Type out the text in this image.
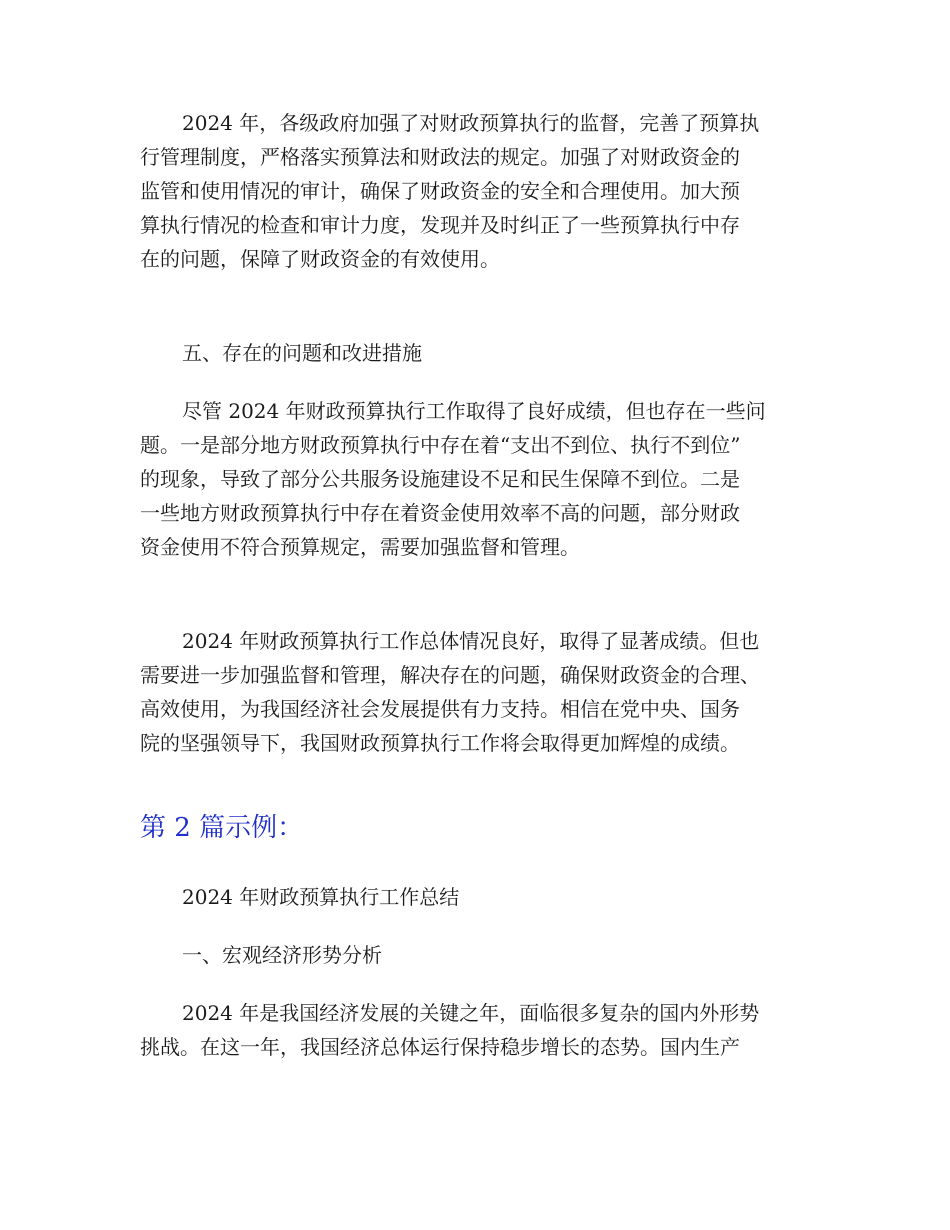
2024 年，各级政府加强了对财政预算执行的监督，完善了预算执
行管理制度，严格落实预算法和财政法的规定。加强了对财政资金的
监管和使用情况的审计，确保了财政资金的安全和合理使用。加大预
算执行情况的检查和审计力度，发现并及时纠正了一些预算执行中存
在的问题，保障了财政资金的有效使用。
五、存在的问题和改进措施
尽管 2024 年财政预算执行工作取得了良好成绩，但也存在一些问
题。一是部分地方财政预算执行中存在着“支出不到位、执行不到位”
的现象，导致了部分公共服务设施建设不足和民生保障不到位。二是
一些地方财政预算执行中存在着资金使用效率不高的问题，部分财政
资金使用不符合预算规定，需要加强监督和管理。
2024 年财政预算执行工作总体情况良好，取得了显著成绩。但也
需要进一步加强监督和管理，解决存在的问题，确保财政资金的合理、
高效使用，为我国经济社会发展提供有力支持。相信在党中央、国务
院的坚强领导下，我国财政预算执行工作将会取得更加辉煌的成绩。
第 2 篇示例：
2024 年财政预算执行工作总结
一、宏观经济形势分析
2024 年是我国经济发展的关键之年，面临很多复杂的国内外形势
挑战。在这一年，我国经济总体运行保持稳步增长的态势。国内生产
